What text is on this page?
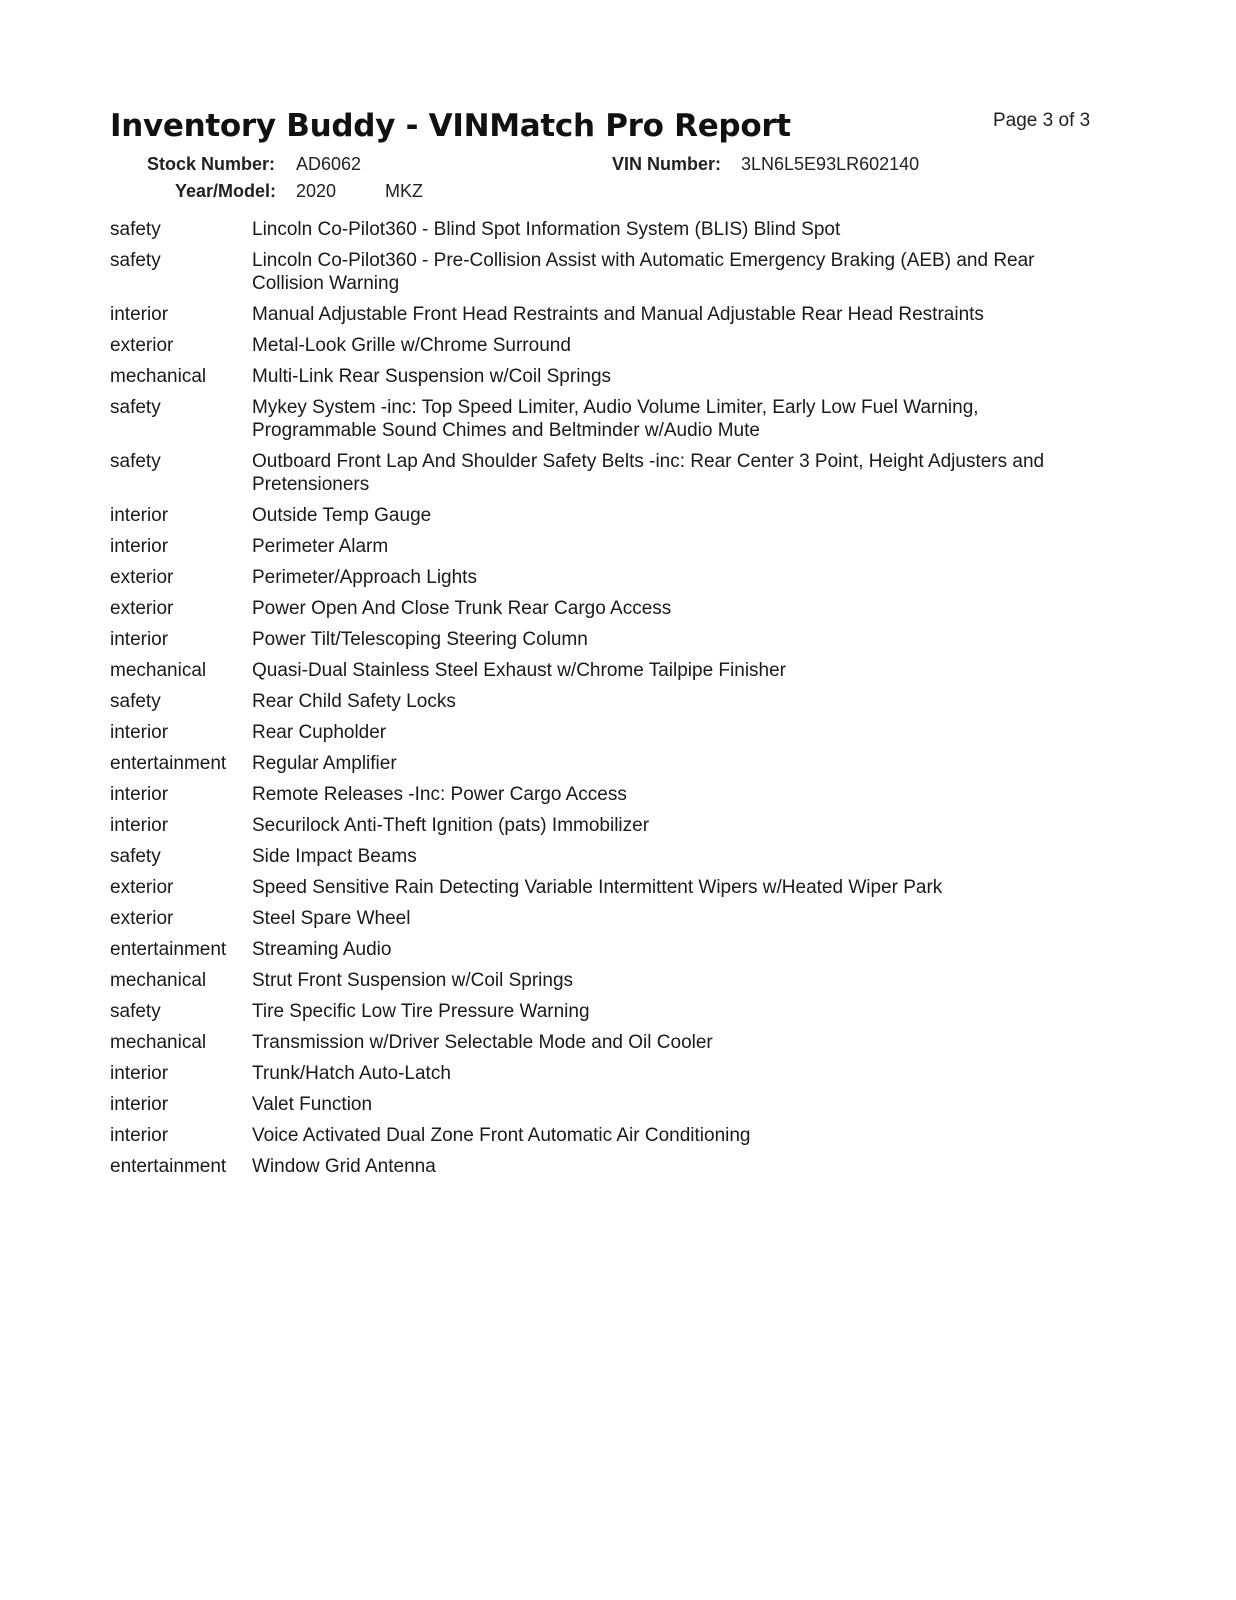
Inventory Buddy - VINMatch Pro Report	Page 3 of 3
Stock Number: AD6062	VIN Number: 3LN6L5E93LR602140
Year/Model: 2020	MKZ
safety	Lincoln Co-Pilot360 - Blind Spot Information System (BLIS) Blind Spot
safety	Lincoln Co-Pilot360 - Pre-Collision Assist with Automatic Emergency Braking (AEB) and Rear Collision Warning
interior	Manual Adjustable Front Head Restraints and Manual Adjustable Rear Head Restraints
exterior	Metal-Look Grille w/Chrome Surround
mechanical	Multi-Link Rear Suspension w/Coil Springs
safety	Mykey System -inc: Top Speed Limiter, Audio Volume Limiter, Early Low Fuel Warning, Programmable Sound Chimes and Beltminder w/Audio Mute
safety	Outboard Front Lap And Shoulder Safety Belts -inc: Rear Center 3 Point, Height Adjusters and Pretensioners
interior	Outside Temp Gauge
interior	Perimeter Alarm
exterior	Perimeter/Approach Lights
exterior	Power Open And Close Trunk Rear Cargo Access
interior	Power Tilt/Telescoping Steering Column
mechanical	Quasi-Dual Stainless Steel Exhaust w/Chrome Tailpipe Finisher
safety	Rear Child Safety Locks
interior	Rear Cupholder
entertainment	Regular Amplifier
interior	Remote Releases -Inc: Power Cargo Access
interior	Securilock Anti-Theft Ignition (pats) Immobilizer
safety	Side Impact Beams
exterior	Speed Sensitive Rain Detecting Variable Intermittent Wipers w/Heated Wiper Park
exterior	Steel Spare Wheel
entertainment	Streaming Audio
mechanical	Strut Front Suspension w/Coil Springs
safety	Tire Specific Low Tire Pressure Warning
mechanical	Transmission w/Driver Selectable Mode and Oil Cooler
interior	Trunk/Hatch Auto-Latch
interior	Valet Function
interior	Voice Activated Dual Zone Front Automatic Air Conditioning
entertainment	Window Grid Antenna
